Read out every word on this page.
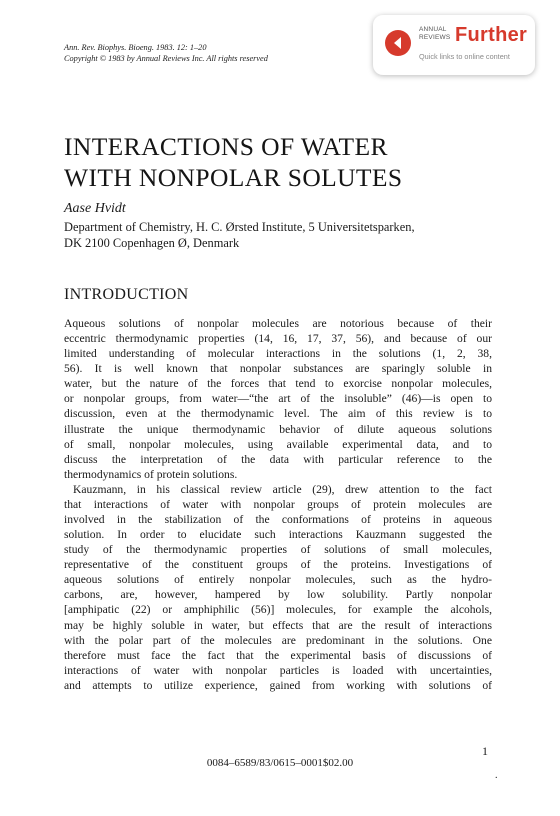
Ann. Rev. Biophys. Bioeng. 1983. 12: 1–20
Copyright © 1983 by Annual Reviews Inc. All rights reserved
ANNUAL
REVIEWS Further
Quick links to online content
INTERACTIONS OF WATER
WITH NONPOLAR SOLUTES
Aase Hvidt
Department of Chemistry, H. C. Ørsted Institute, 5 Universitetsparken,
DK 2100 Copenhagen Ø, Denmark
INTRODUCTION
Aqueous solutions of nonpolar molecules are notorious because of their
eccentric thermodynamic properties (14, 16, 17, 37, 56), and because of our
limited understanding of molecular interactions in the solutions (1, 2, 38,
56). It is well known that nonpolar substances are sparingly soluble in
water, but the nature of the forces that tend to exorcise nonpolar molecules,
or nonpolar groups, from water—“the art of the insoluble” (46)—is open to
discussion, even at the thermodynamic level. The aim of this review is to
illustrate the unique thermodynamic behavior of dilute aqueous solutions
of small, nonpolar molecules, using available experimental data, and to
discuss the interpretation of the data with particular reference to the
thermodynamics of protein solutions.
Kauzmann, in his classical review article (29), drew attention to the fact
that interactions of water with nonpolar groups of protein molecules are
involved in the stabilization of the conformations of proteins in aqueous
solution. In order to elucidate such interactions Kauzmann suggested the
study of the thermodynamic properties of solutions of small molecules,
representative of the constituent groups of the proteins. Investigations of
aqueous solutions of entirely nonpolar molecules, such as the hydro-
carbons, are, however, hampered by low solubility. Partly nonpolar
[amphipatic (22) or amphiphilic (56)] molecules, for example the alcohols,
may be highly soluble in water, but effects that are the result of interactions
with the polar part of the molecules are predominant in the solutions. One
therefore must face the fact that the experimental basis of discussions of
interactions of water with nonpolar particles is loaded with uncertainties,
and attempts to utilize experience, gained from working with solutions of
1
0084–6589/83/0615–0001$02.00
.
